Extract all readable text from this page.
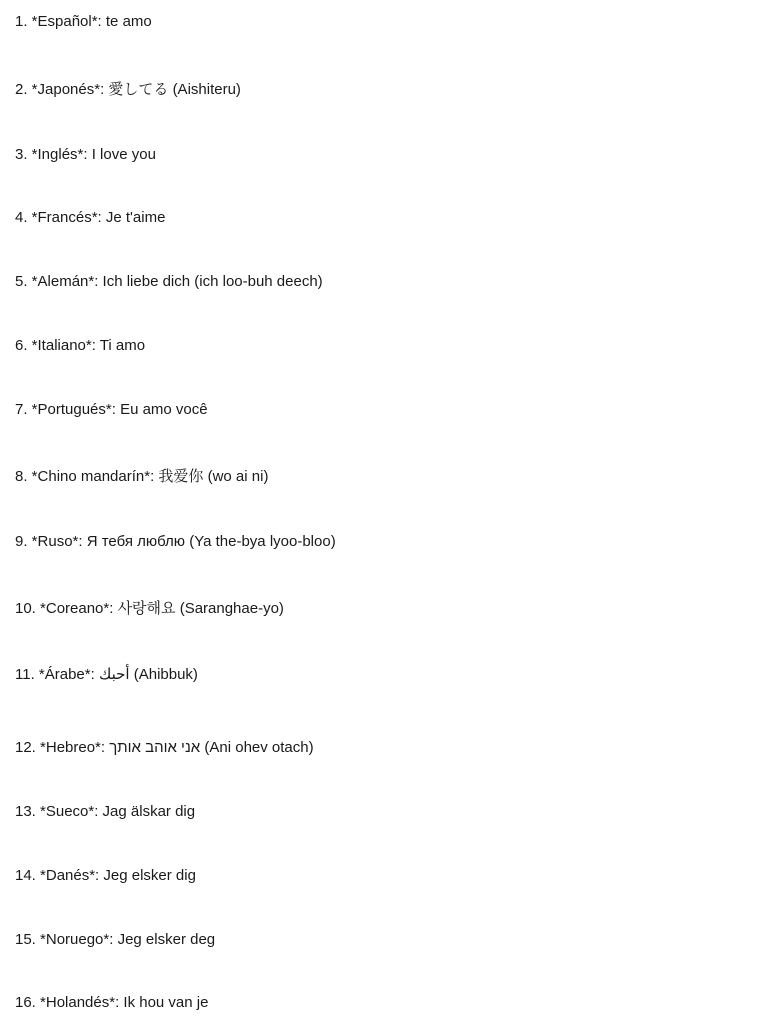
1. *Español*: te amo
2. *Japonés*: 愛してる (Aishiteru)
3. *Inglés*: I love you
4. *Francés*: Je t'aime
5. *Alemán*: Ich liebe dich (ich loo-buh deech)
6. *Italiano*: Ti amo
7. *Portugués*: Eu amo você
8. *Chino mandarín*: 我爱你 (wo ai ni)
9. *Ruso*: Я тебя люблю (Ya the-bya lyoo-bloo)
10. *Coreano*: 사랑해요 (Saranghae-yo)
11. *Árabe*: أحبك (Ahibbuk)
12. *Hebreo*: אני אוהב אותך (Ani ohev otach)
13. *Sueco*: Jag älskar dig
14. *Danés*: Jeg elsker dig
15. *Noruego*: Jeg elsker deg
16. *Holandés*: Ik hou van je
